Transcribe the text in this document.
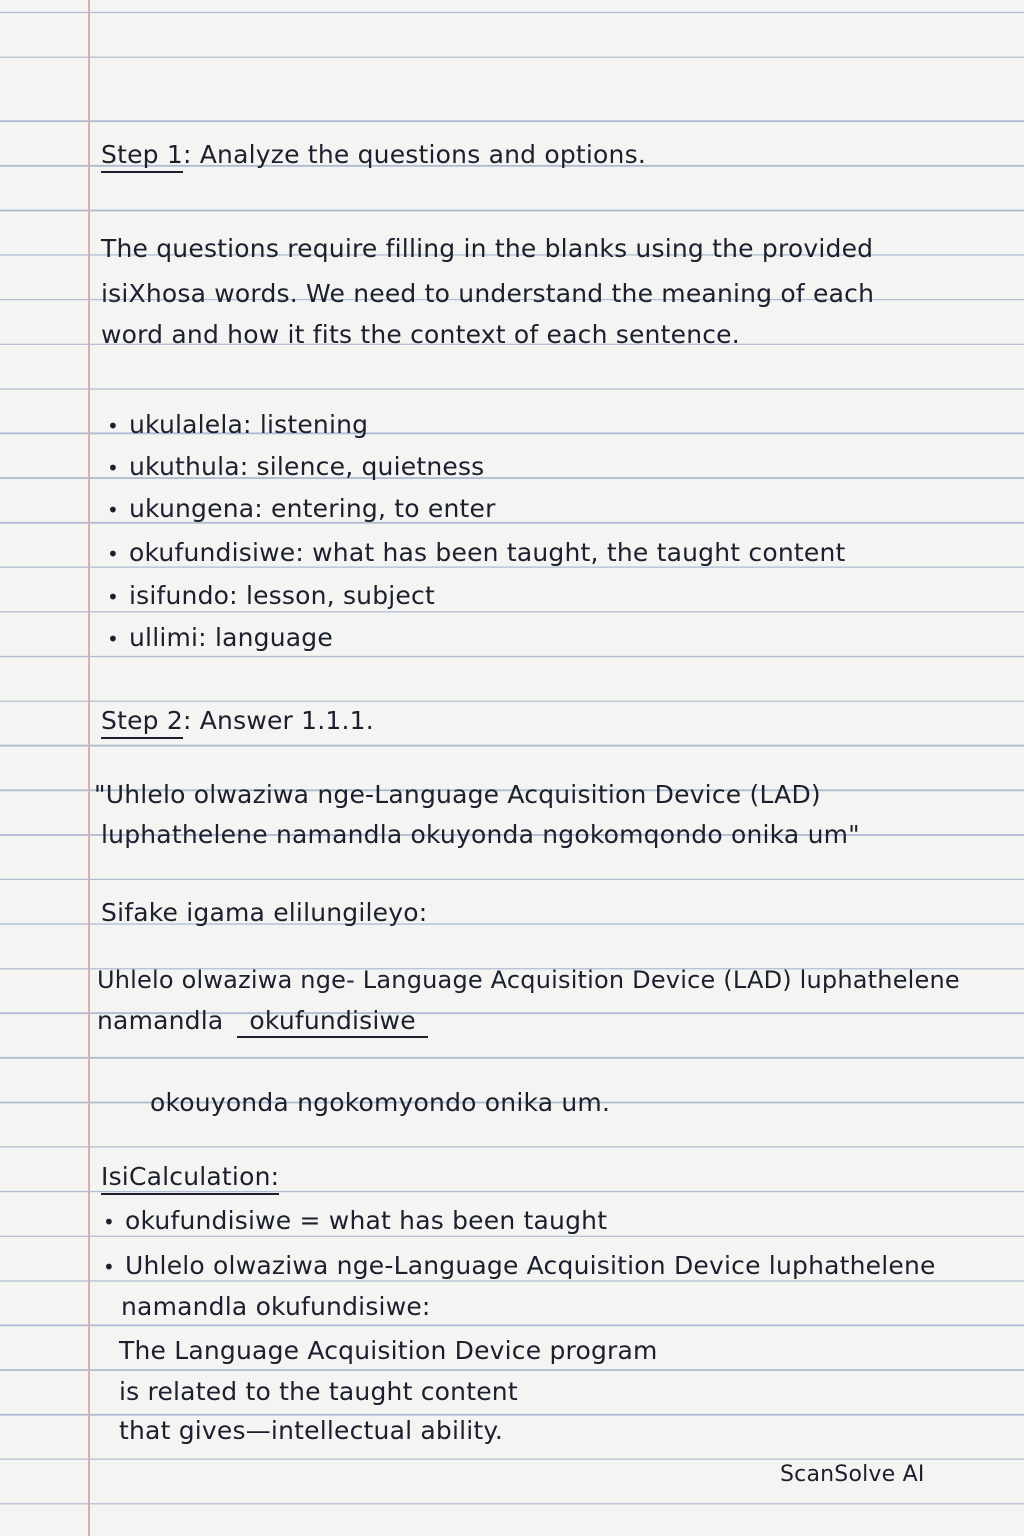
Step 1: Analyze the questions and options.
The questions require filling in the blanks using the provided
isiXhosa words. We need to understand the meaning of each
word and how it fits the context of each sentence.
• ukulalela: listening
• ukuthula: silence, quietness
• ukungena: entering, to enter
• okufundisiwe: what has been taught, the taught content
• isifundo: lesson, subject
• ullimi: language
Step 2: Answer 1.1.1.
"Uhlelo olwaziwa nge-Language Acquisition Device (LAD)
luphathelene namandla okuyonda ngokomqondo onika um"
Sifake igama elilungileyo:
Uhlelo olwaziwa nge- Language Acquisition Device (LAD) luphathelene
namandla okufundisiwe
okouyonda ngokomyondo onika um.
IsiCalculation:
• okufundisiwe = what has been taught
• Uhlelo olwaziwa nge-Language Acquisition Device luphathelene
namandla okufundisiwe:
The Language Acquisition Device program
is related to the taught content
that gives—intellectual ability.
ScanSolve AI
